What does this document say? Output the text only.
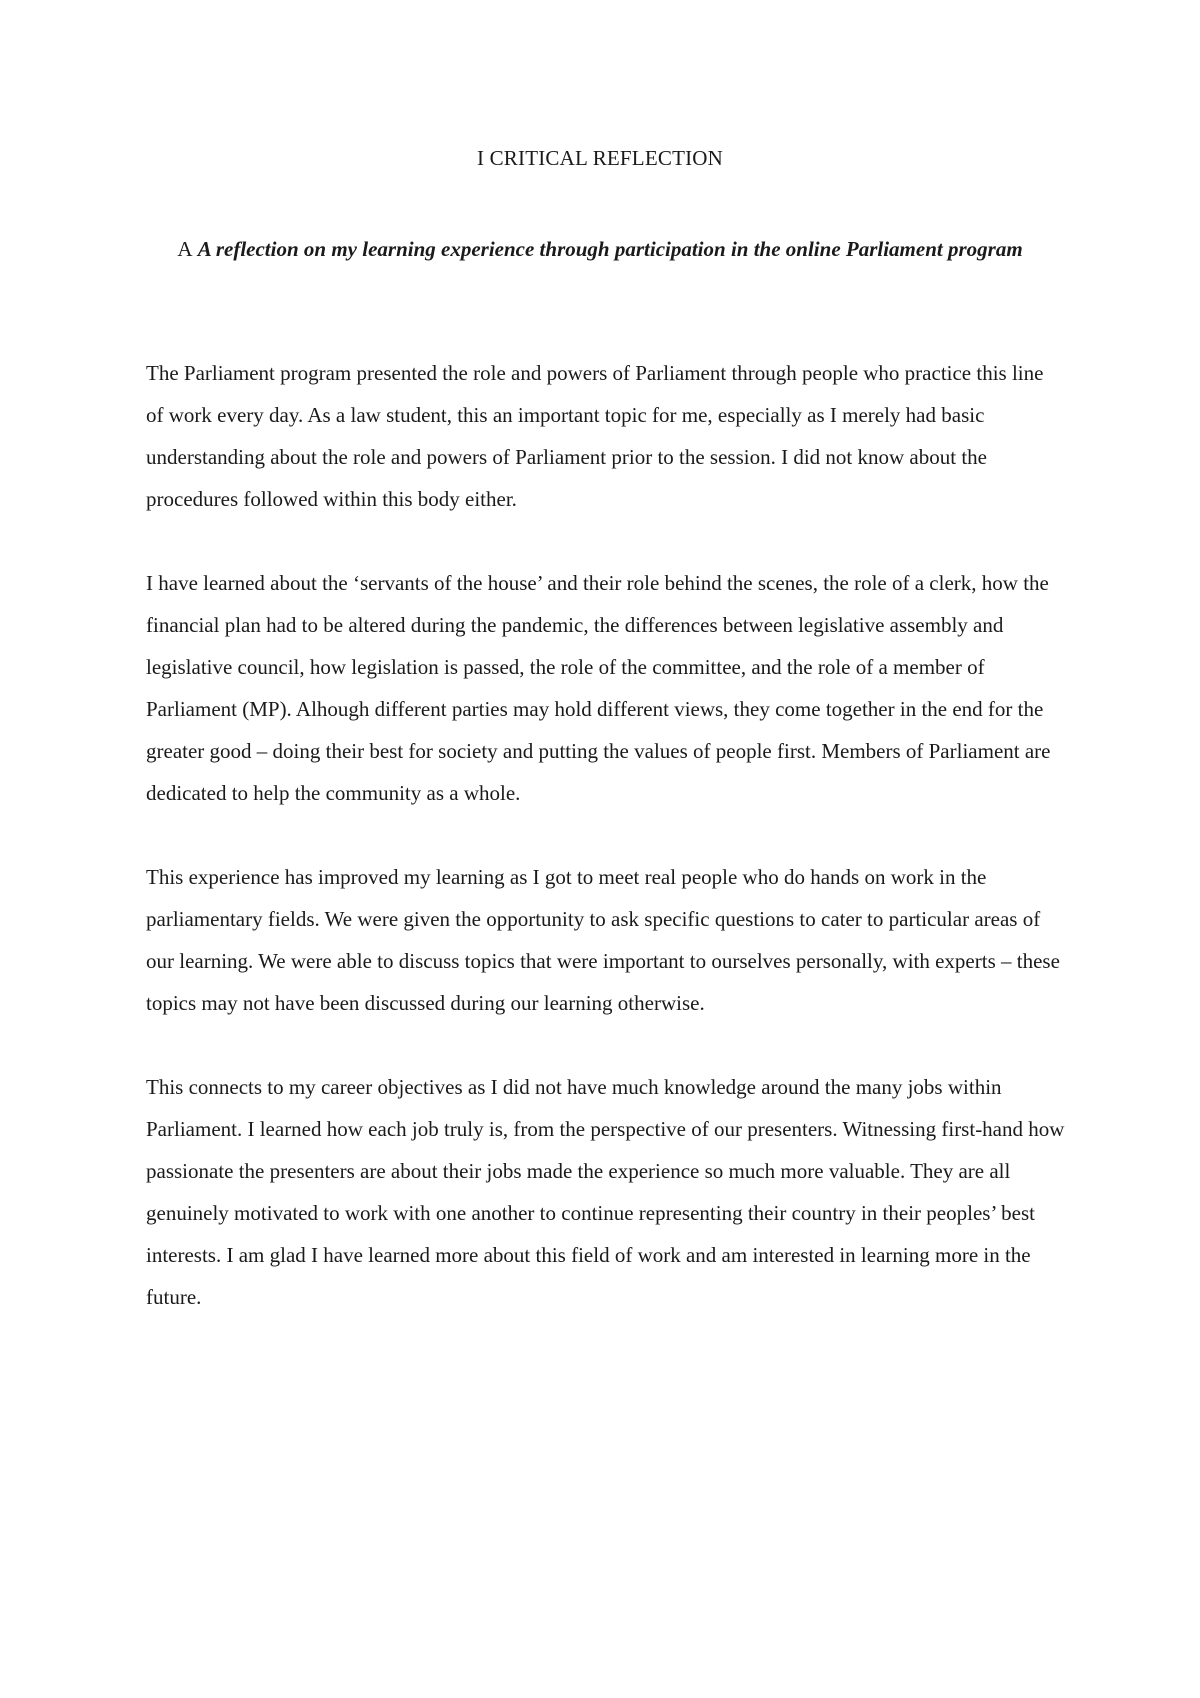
I CRITICAL REFLECTION
A A reflection on my learning experience through participation in the online Parliament program

The Parliament program presented the role and powers of Parliament through people who practice this line of work every day. As a law student, this an important topic for me, especially as I merely had basic understanding about the role and powers of Parliament prior to the session. I did not know about the procedures followed within this body either.

I have learned about the ‘servants of the house’ and their role behind the scenes, the role of a clerk, how the financial plan had to be altered during the pandemic, the differences between legislative assembly and legislative council, how legislation is passed, the role of the committee, and the role of a member of Parliament (MP). Alhough different parties may hold different views, they come together in the end for the greater good – doing their best for society and putting the values of people first. Members of Parliament are dedicated to help the community as a whole.

This experience has improved my learning as I got to meet real people who do hands on work in the parliamentary fields. We were given the opportunity to ask specific questions to cater to particular areas of our learning. We were able to discuss topics that were important to ourselves personally, with experts – these topics may not have been discussed during our learning otherwise.

This connects to my career objectives as I did not have much knowledge around the many jobs within Parliament. I learned how each job truly is, from the perspective of our presenters. Witnessing first-hand how passionate the presenters are about their jobs made the experience so much more valuable. They are all genuinely motivated to work with one another to continue representing their country in their peoples’ best interests. I am glad I have learned more about this field of work and am interested in learning more in the future.
